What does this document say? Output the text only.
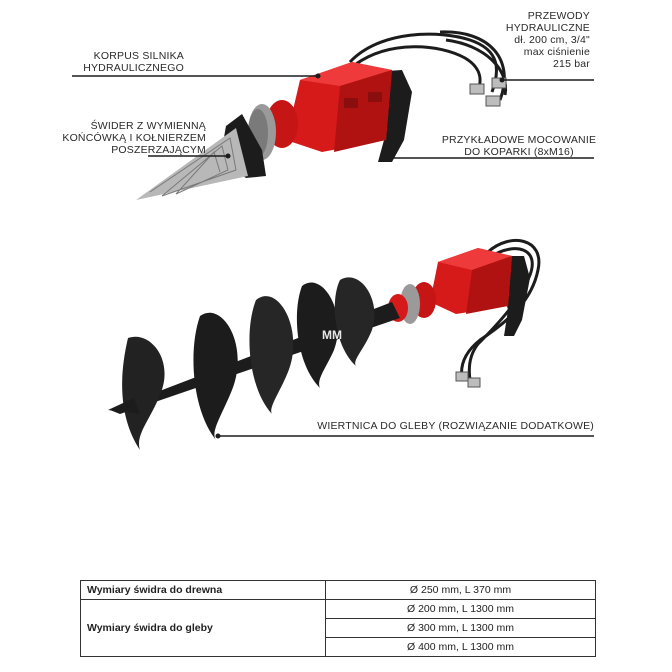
KORPUS SILNIKA
HYDRAULICZNEGO
PRZEWODY
HYDRAULICZNE
dł. 200 cm, 3/4"
max ciśnienie
215 bar
ŚWIDER Z WYMIENNĄ
KOŃCÓWKĄ I KOŁNIERZEM
POSZERZAJĄCYM
PRZYKŁADOWE MOCOWANIE
DO KOPARKI (8xM16)
WIERTNICA DO GLEBY (ROZWIĄZANIE DODATKOWE)
MM
Wymiary świdra do drewna	Ø 250 mm, L 370 mm
Wymiary świdra do gleby	Ø 200 mm, L 1300 mm
	Ø 300 mm, L 1300 mm
	Ø 400 mm, L 1300 mm
